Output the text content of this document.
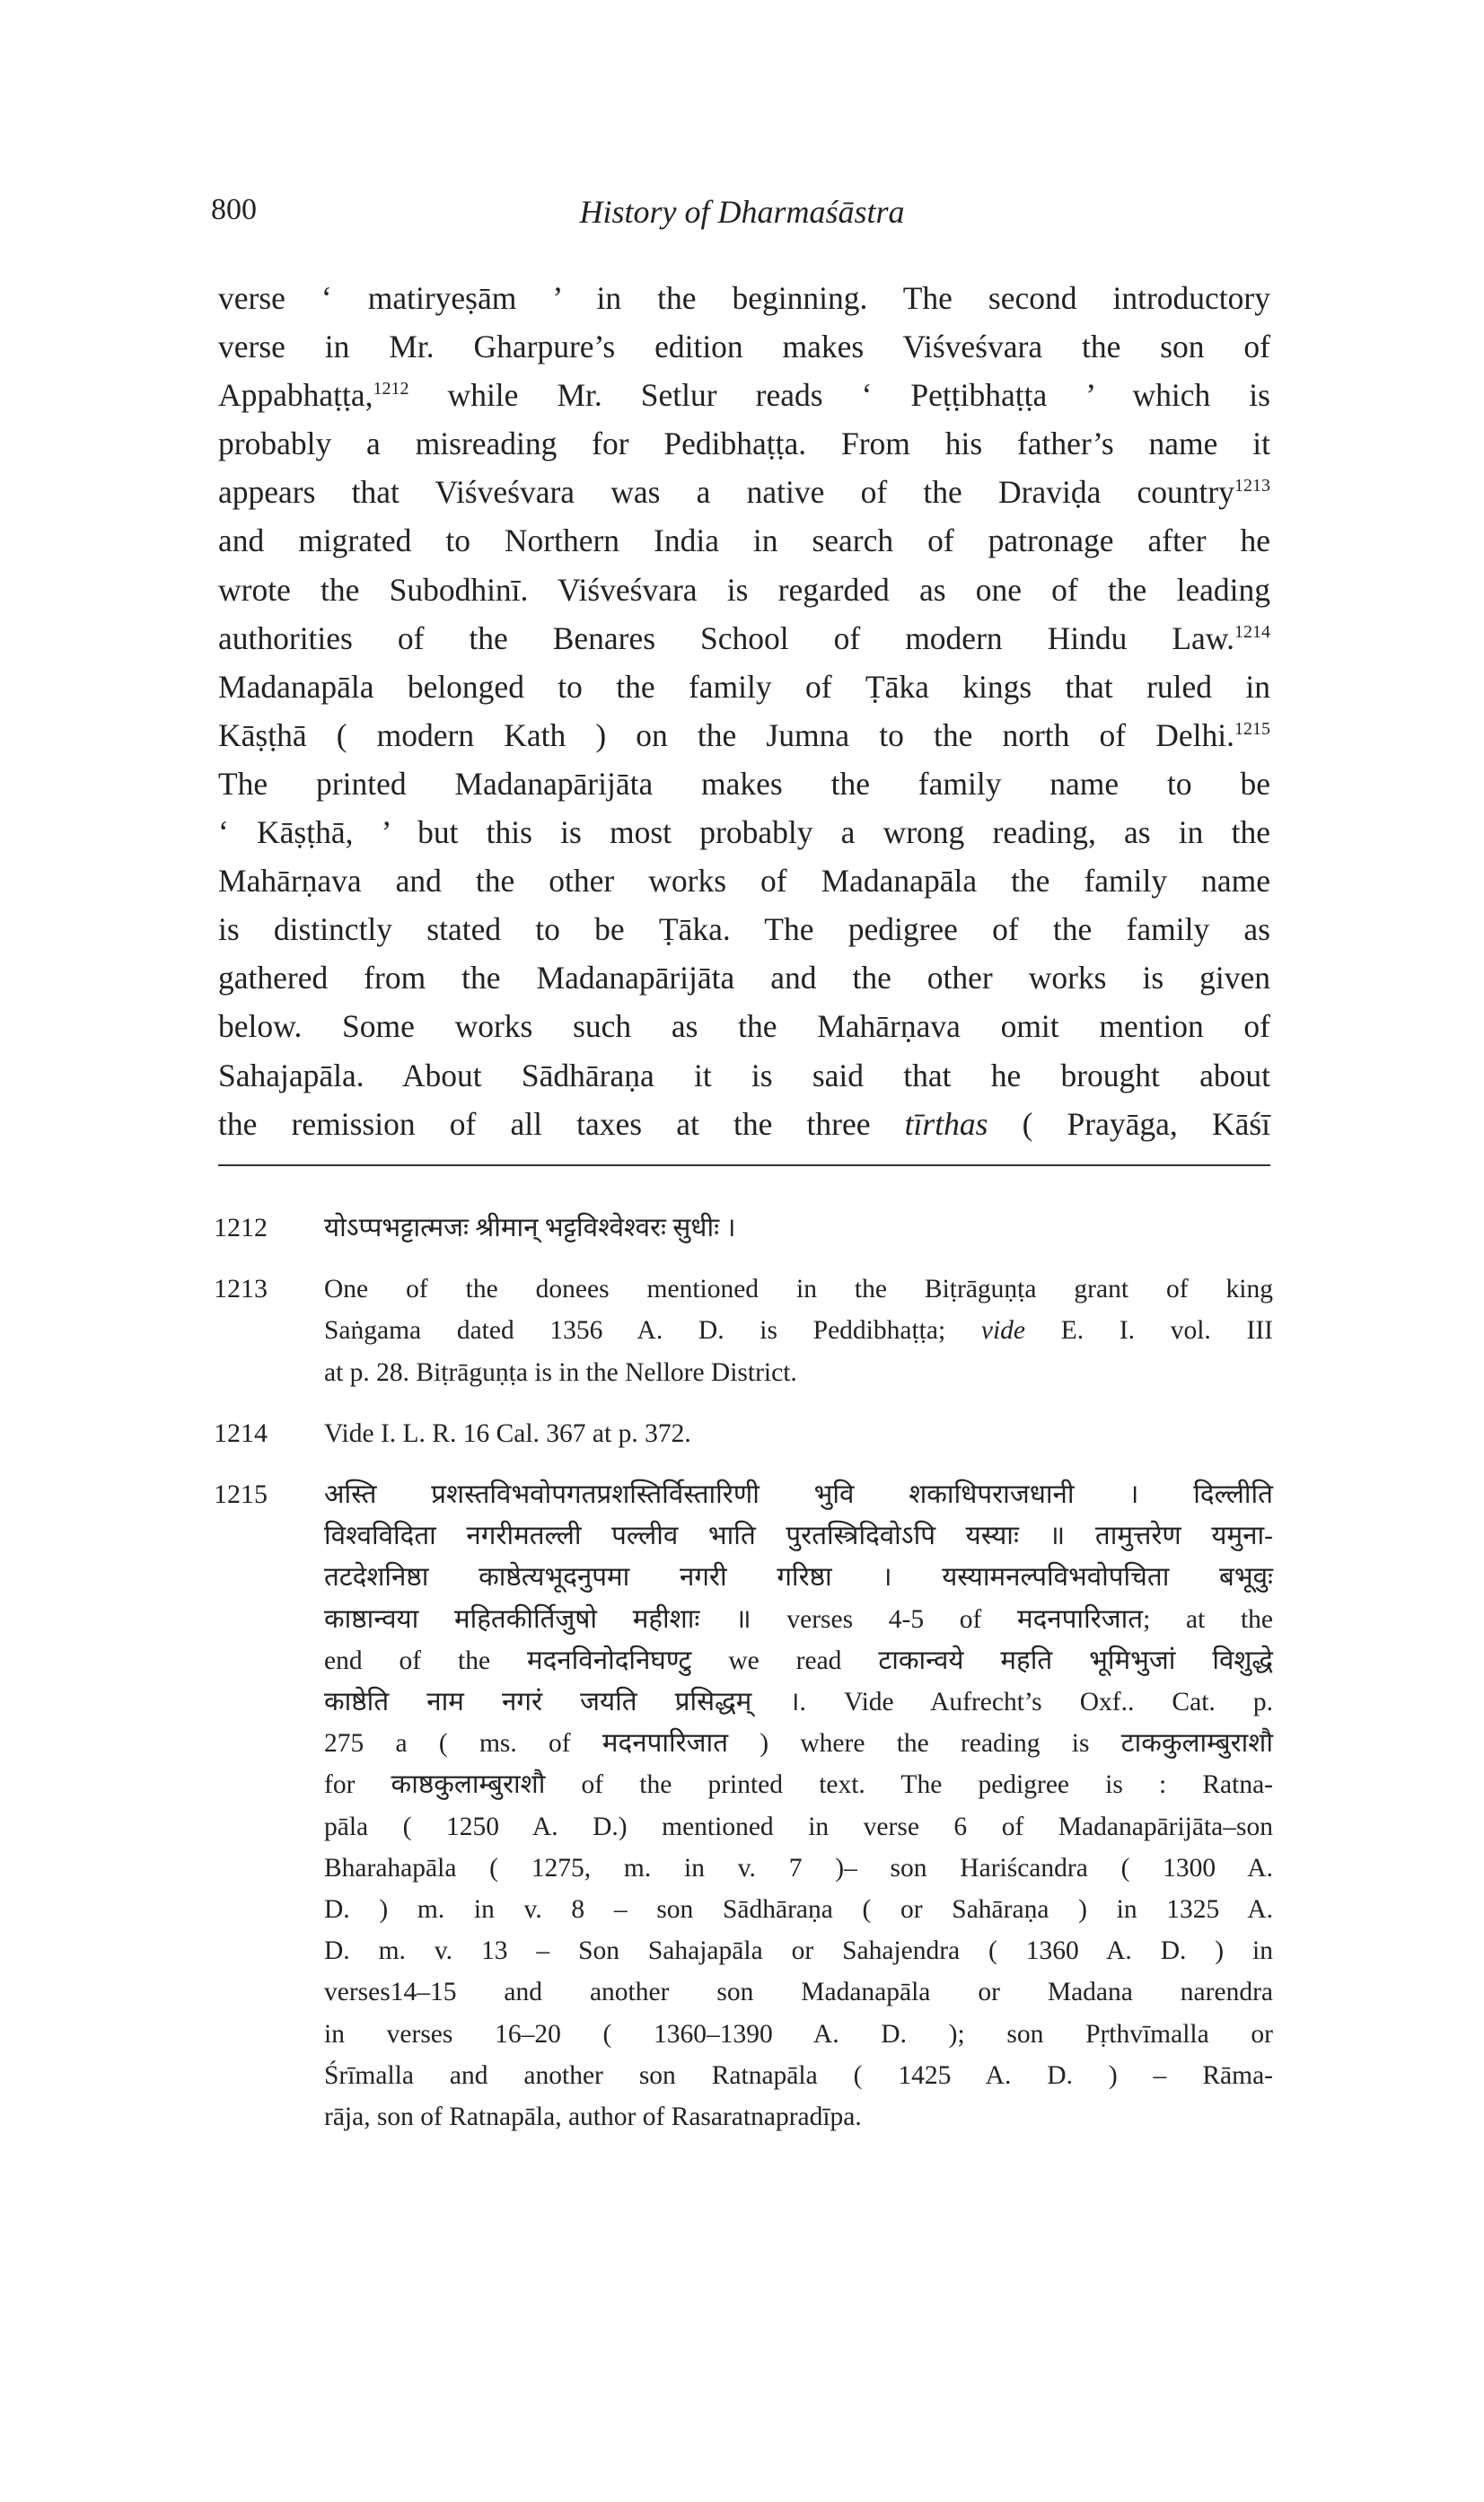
800	History of Dharmaśāstra
verse ‘ matiryeṣām ’ in the beginning. The second introductory
verse in Mr. Gharpure’s edition makes Viśveśvara the son of
Appabhaṭṭa,$^{1212}$ while Mr. Setlur reads ‘ Peṭṭibhaṭṭa ’ which is
probably a misreading for Pedibhaṭṭa. From his father’s name it
appears that Viśveśvara was a native of the Draviḍa country$^{1213}$
and migrated to Northern India in search of patronage after he
wrote the Subodhinī. Viśveśvara is regarded as one of the leading
authorities of the Benares School of modern Hindu Law.$^{1214}$
Madanapāla belonged to the family of Ṭāka kings that ruled in
Kāṣṭhā ( modern Kath ) on the Jumna to the north of Delhi.$^{1215}$
The printed Madanapārijāta makes the family name to be
‘ Kāṣṭhā, ’ but this is most probably a wrong reading, as in the
Mahārṇava and the other works of Madanapāla the family name
is distinctly stated to be Ṭāka. The pedigree of the family as
gathered from the Madanapārijāta and the other works is given
below. Some works such as the Mahārṇava omit mention of
Sahajapāla. About Sādhāraṇa it is said that he brought about
the remission of all taxes at the three tīrthas ( Prayāga, Kāśī
1212 योऽप्पभट्टात्मजः श्रीमान् भट्टविश्वेश्वरः सुधीः ।
1213 One of the donees mentioned in the Biṭrāguṇṭa grant of king
Saṅgama dated 1356 A. D. is Peddibhaṭṭa; vide E. I. vol. III
at p. 28. Biṭrāguṇṭa is in the Nellore District.
1214 Vide I. L. R. 16 Cal. 367 at p. 372.
1215 अस्ति प्रशस्तविभवोपगतप्रशस्तिर्विस्तारिणी भुवि शकाधिपराजधानी । दिल्लीति
विश्वविदिता नगरीमतल्ली पल्लीव भाति पुरतस्त्रिदिवोऽपि यस्याः ॥ तामुत्तरेण यमुना-
तटदेशनिष्ठा काष्ठेत्यभूदनुपमा नगरी गरिष्ठा । यस्यामनल्पविभवोपचिता बभूवुः
काष्ठान्वया महितकीर्तिजुषो महीशाः ॥ verses 4-5 of मदनपारिजात; at the
end of the मदनविनोदनिघण्टु we read टाकान्वये महति भूमिभुजां विशुद्धे
काष्ठेति नाम नगरं जयति प्रसिद्धम् ।. Vide Aufrecht’s Oxf.. Cat. p.
275 a ( ms. of मदनपारिजात ) where the reading is टाककुलाम्बुराशौ
for काष्ठकुलाम्बुराशौ of the printed text. The pedigree is : Ratna-
pāla ( 1250 A. D.) mentioned in verse 6 of Madanapārijāta–son
Bharahapāla ( 1275, m. in v. 7 )– son Hariścandra ( 1300 A.
D. ) m. in v. 8 – son Sādhāraṇa ( or Sahāraṇa ) in 1325 A.
D. m. v. 13 – Son Sahajapāla or Sahajendra ( 1360 A. D. ) in
verses14–15 and another son Madanapāla or Madana narendra
in verses 16–20 ( 1360–1390 A. D. ); son Pṛthvīmalla or
Śrīmalla and another son Ratnapāla ( 1425 A. D. ) – Rāma-
rāja, son of Ratnapāla, author of Rasaratnapradīpa.
